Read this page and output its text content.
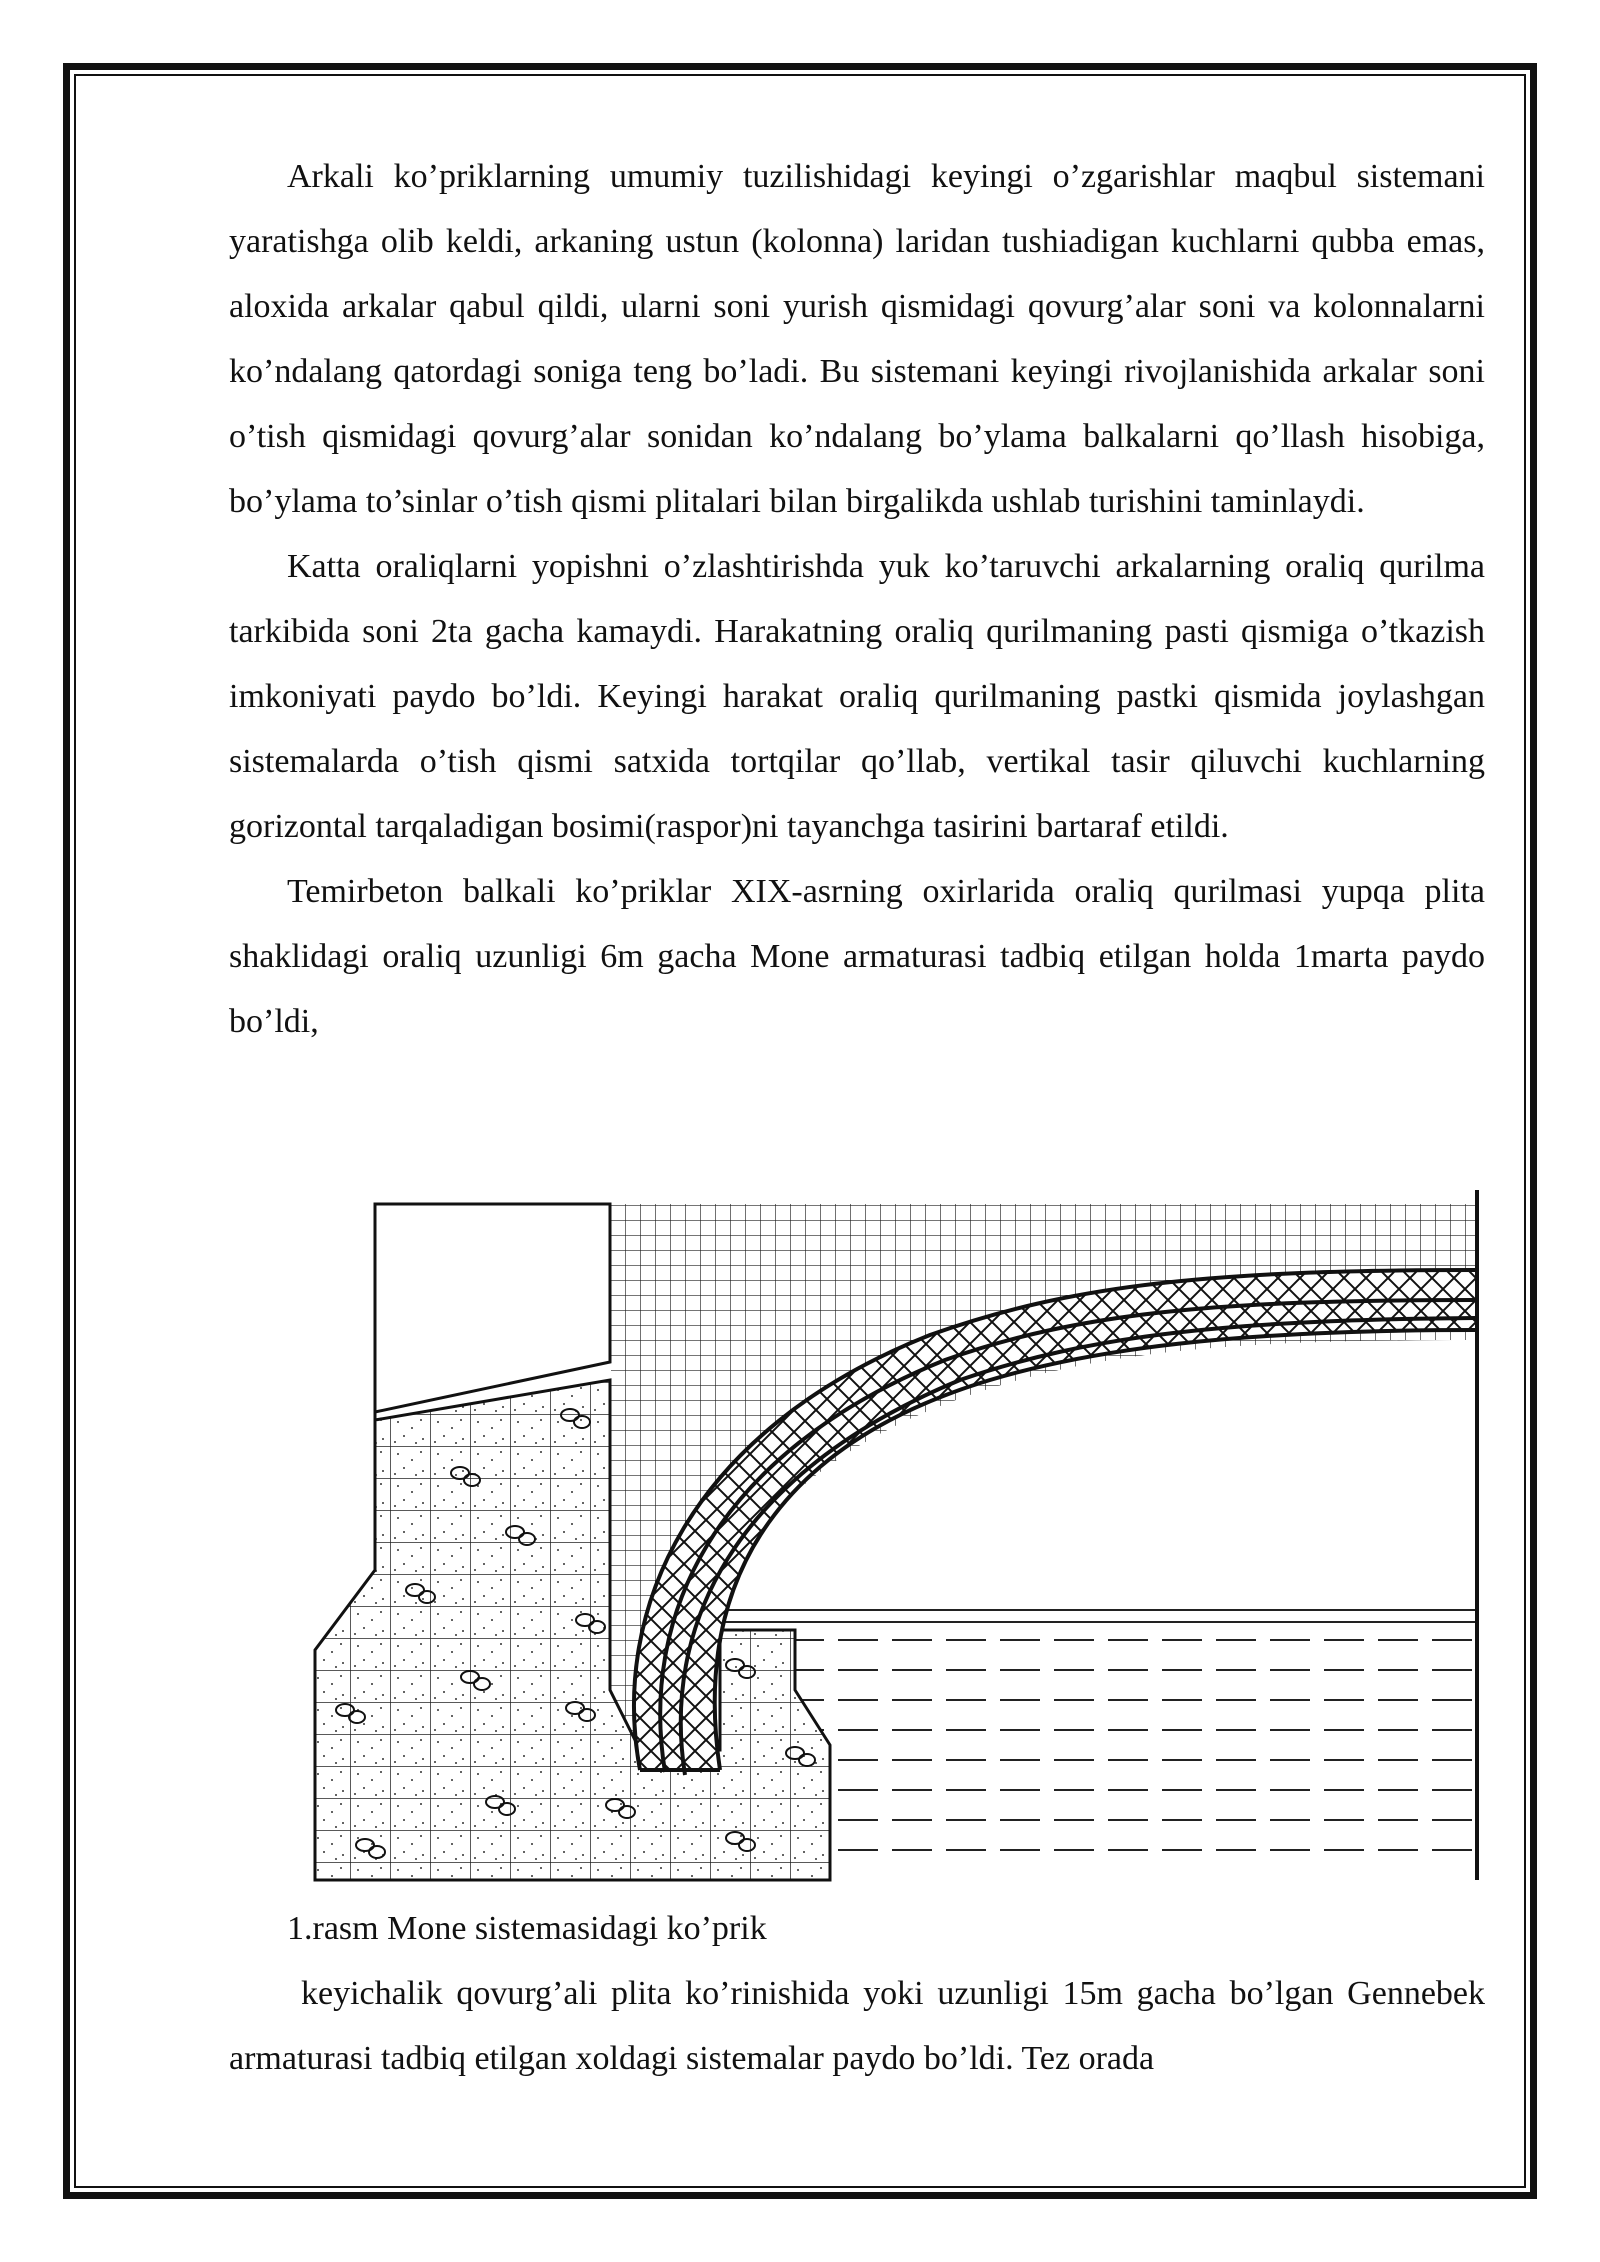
Arkali ko’priklarning umumiy tuzilishidagi keyingi o’zgarishlar maqbul sistemani yaratishga olib keldi, arkaning ustun (kolonna) laridan tushiadigan kuchlarni qubba emas, aloxida arkalar qabul qildi, ularni soni yurish qismidagi qovurg’alar soni va kolonnalarni ko’ndalang qatordagi soniga teng bo’ladi. Bu sistemani keyingi rivojlanishida arkalar soni o’tish qismidagi qovurg’alar sonidan ko’ndalang bo’ylama balkalarni qo’llash hisobiga, bo’ylama to’sinlar o’tish qismi plitalari bilan birgalikda ushlab turishini taminlaydi.

Katta oraliqlarni yopishni o’zlashtirishda yuk ko’taruvchi arkalarning oraliq qurilma tarkibida soni 2ta gacha kamaydi. Harakatning oraliq qurilmaning pasti qismiga o’tkazish imkoniyati paydo bo’ldi. Keyingi harakat oraliq qurilmaning pastki qismida joylashgan sistemalarda o’tish qismi satxida tortqilar qo’llab, vertikal tasir qiluvchi kuchlarning gorizontal tarqaladigan bosimi(raspor)ni tayanchga tasirini bartaraf etildi.

Temirbeton balkali ko’priklar XIX-asrning oxirlarida oraliq qurilmasi yupqa plita shaklidagi oraliq uzunligi 6m gacha Mone armaturasi tadbiq etilgan holda 1marta paydo bo’ldi,

1.rasm Mone sistemasidagi ko’prik

keyichalik qovurg’ali plita ko’rinishida yoki uzunligi 15m gacha bo’lgan Gennebek armaturasi tadbiq etilgan xoldagi sistemalar paydo bo’ldi. Tez orada
